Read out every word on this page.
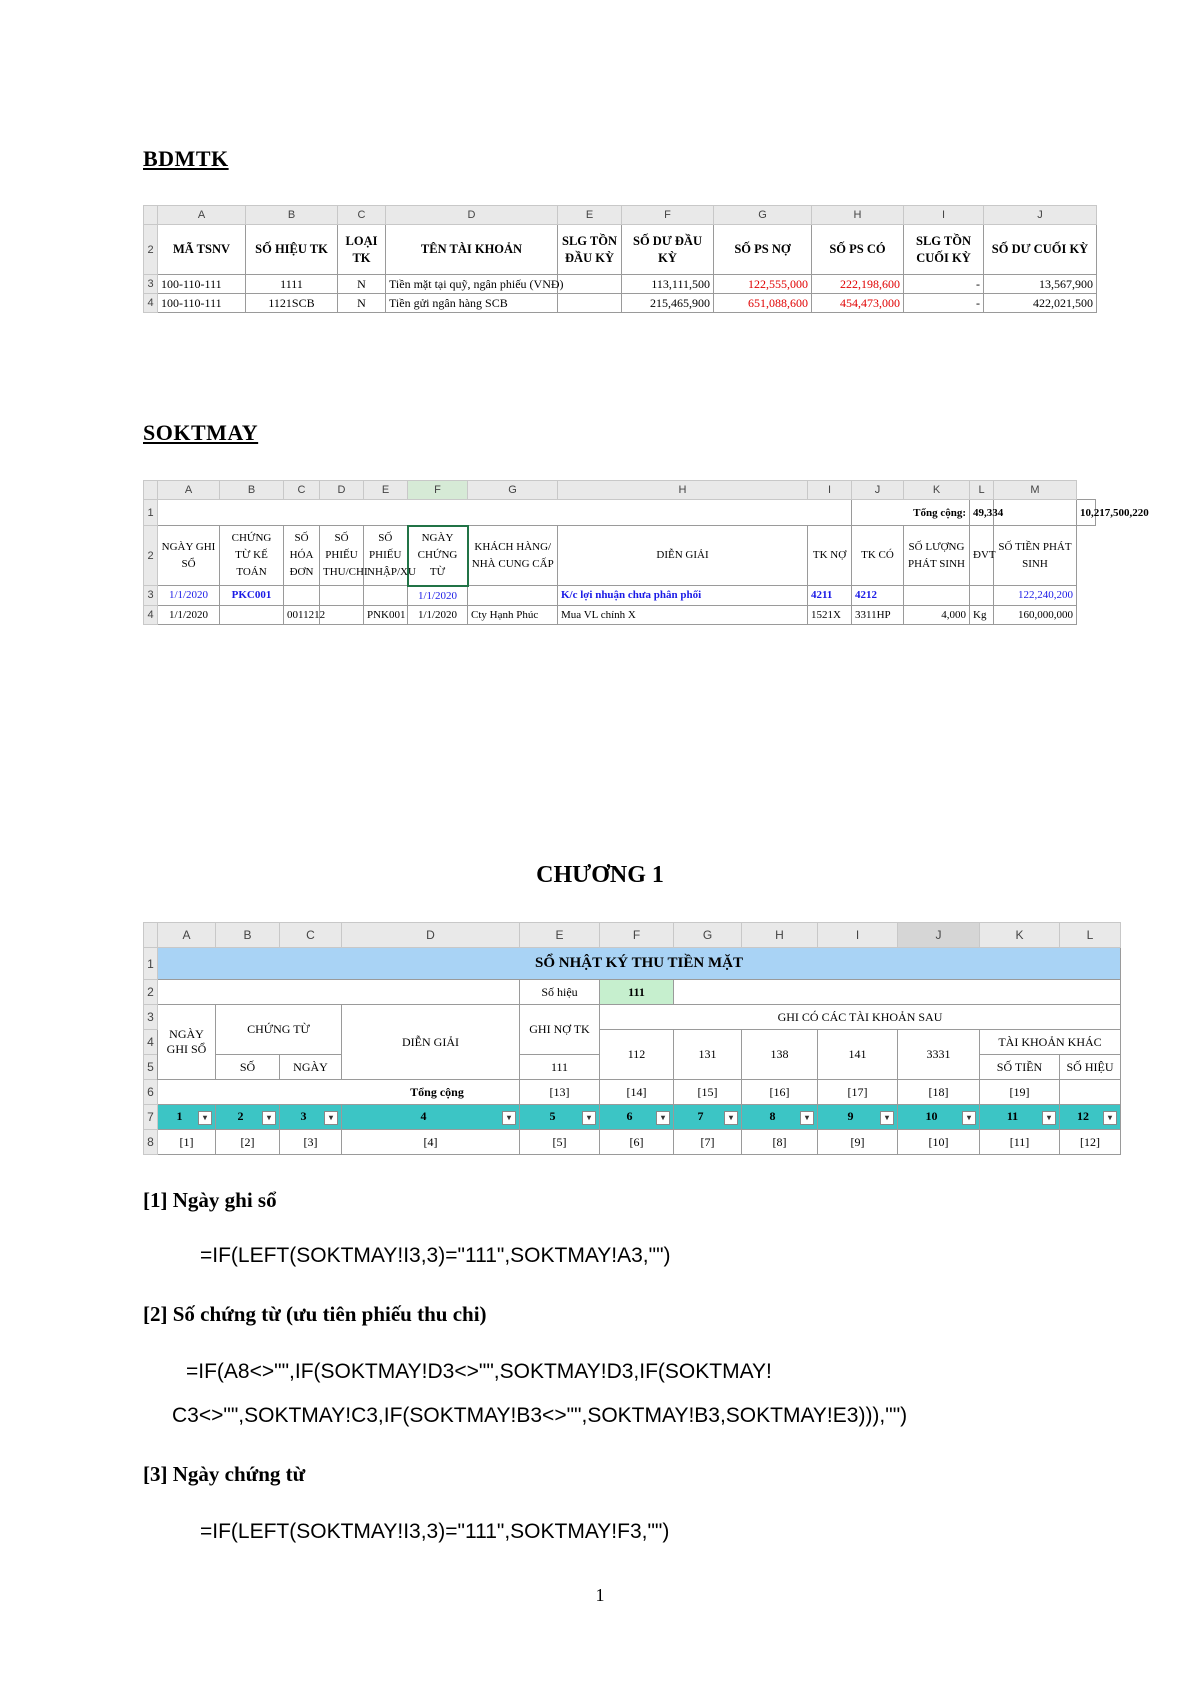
BDMTK
	A	B	C	D	E	F	G	H	I	J
2	MÃ TSNV	SỐ HIỆU TK	LOẠI TK	TÊN TÀI KHOẢN	SLG TỒN ĐẦU KỲ	SỐ DƯ ĐẦU KỲ	SỐ PS NỢ	SỐ PS CÓ	SLG TỒN CUỐI KỲ	SỐ DƯ CUỐI KỲ
3	100-110-111	1111	N	Tiền mặt tại quỹ, ngân phiếu (VNĐ)		113,111,500	122,555,000	222,198,600	-	13,567,900
4	100-110-111	1121SCB	N	Tiền gửi ngân hàng SCB		215,465,900	651,088,600	454,473,000	-	422,021,500
SOKTMAY
	A	B	C	D	E	F	G	H	I	J	K	L	M	
1										Tổng cộng:		49,334		10,217,500,220
2	NGÀY GHI SỔ	CHỨNG TỪ KẾ TOÁN	SỐ HÓA ĐƠN	SỐ PHIẾU THU/CHI	SỐ PHIẾU NHẬP/XU	NGÀY CHỨNG TỪ	KHÁCH HÀNG/ NHÀ CUNG CẤP	DIỄN GIẢI	TK NỢ	TK CÓ	SỐ LƯỢNG PHÁT SINH	ĐVT	SỐ TIỀN PHÁT SINH	
3	1/1/2020	PKC001				1/1/2020		K/c lợi nhuận chưa phân phối	4211	4212			122,240,200	
4	1/1/2020		0011212		PNK001	1/1/2020	Cty Hạnh Phúc	Mua VL chính X	1521X	3311HP	4,000	Kg	160,000,000	
CHƯƠNG 1
	A	B	C	D	E	F	G	H	I	J	K	L
1	SỔ NHẬT KÝ THU TIỀN MẶT											
2					Số hiệu	111						
3	NGÀY GHI SỔ	CHỨNG TỪ		DIỄN GIẢI	GHI NỢ TK	GHI CÓ CÁC TÀI KHOẢN SAU						
4						112	131	138	141	3331	TÀI KHOẢN KHÁC	
5		SỐ	NGÀY		111						SỐ TIỀN	SỐ HIỆU
6	Tổng cộng				[13]	[14]	[15]	[16]	[17]	[18]	[19]	
7	1 ▾	2 ▾	3 ▾	4 ▾	5 ▾	6 ▾	7 ▾	8 ▾	9 ▾	10 ▾	11 ▾	12 ▾

8	[1]	[2]	[3]	[4]	[5]	[6]	[7]	[8]	[9]	[10]	[11]	[12]
[1] Ngày ghi sổ
=IF(LEFT(SOKTMAY!I3,3)="111",SOKTMAY!A3,"")
[2] Số chứng từ (ưu tiên phiếu thu chi)
=IF(A8<>"",IF(SOKTMAY!D3<>"",SOKTMAY!D3,IF(SOKTMAY!
C3<>"",SOKTMAY!C3,IF(SOKTMAY!B3<>"",SOKTMAY!B3,SOKTMAY!E3))),"")
[3] Ngày chứng từ
=IF(LEFT(SOKTMAY!I3,3)="111",SOKTMAY!F3,"")
1
